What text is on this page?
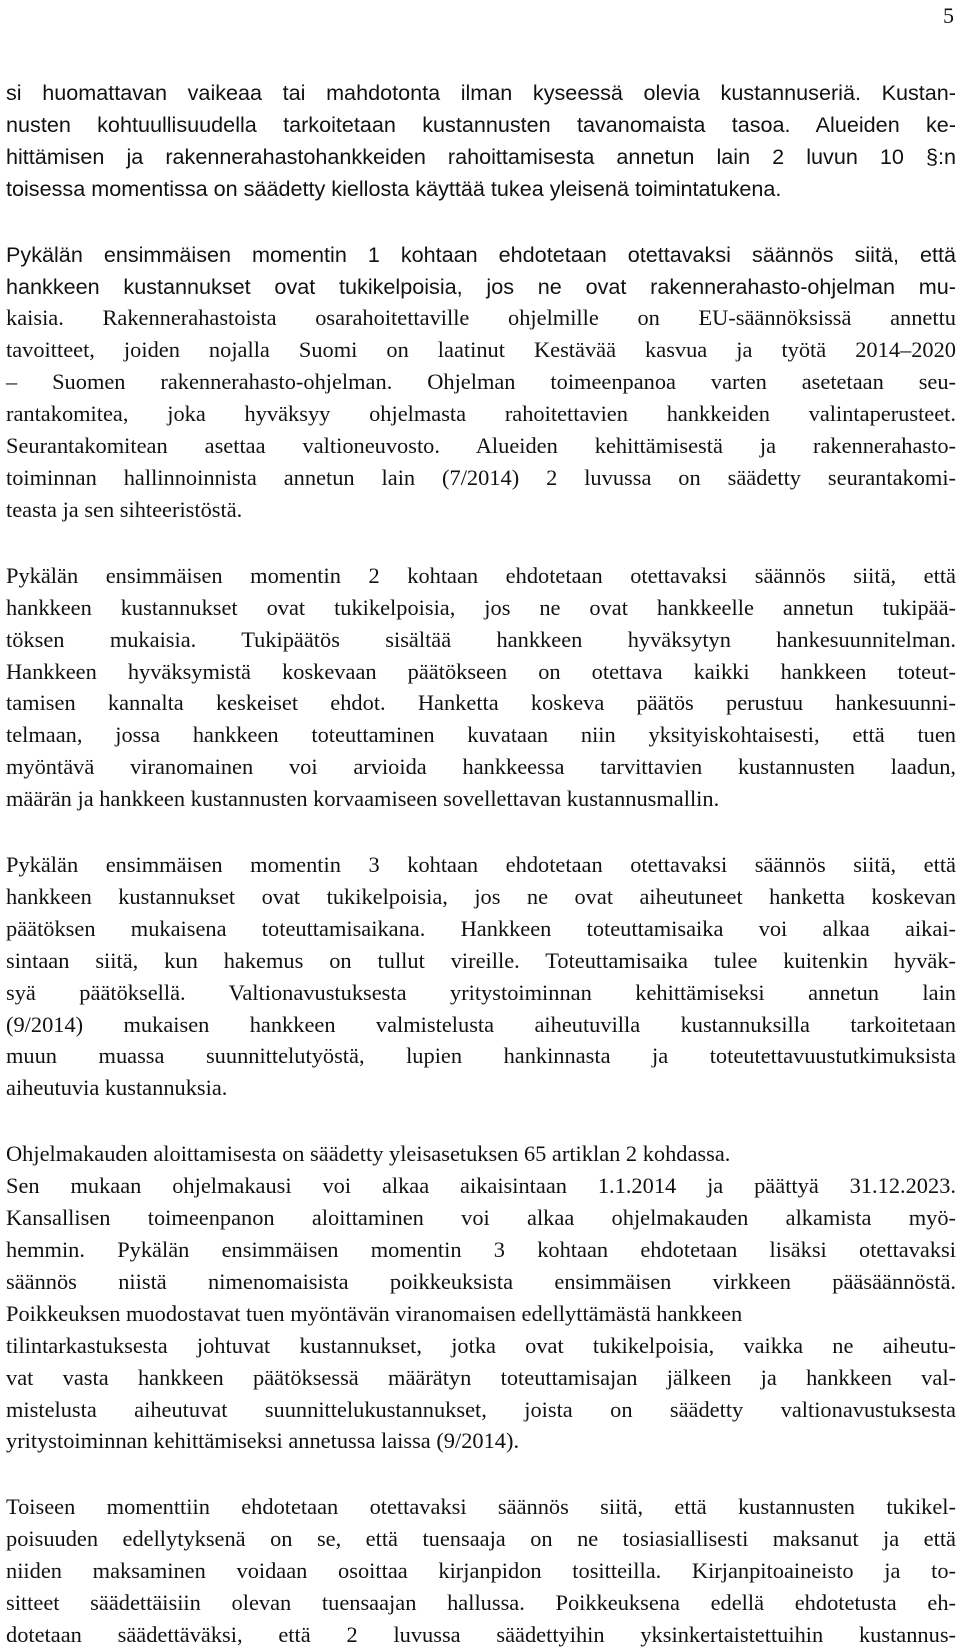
5

si huomattavan vaikeaa tai mahdotonta ilman kyseessä olevia kustannuseriä. Kustan-
nusten kohtuullisuudella tarkoitetaan kustannusten tavanomaista tasoa. Alueiden ke-
hittämisen ja rakennerahastohankkeiden rahoittamisesta annetun lain 2 luvun 10 §:n
toisessa momentissa on säädetty kiellosta käyttää tukea yleisenä toimintatukena.

Pykälän ensimmäisen momentin 1 kohtaan ehdotetaan otettavaksi säännös siitä, että
hankkeen kustannukset ovat tukikelpoisia, jos ne ovat rakennerahasto-ohjelman mu-

kaisia. Rakennerahastoista osarahoitettaville ohjelmille on EU-säännöksissä annettu
tavoitteet, joiden nojalla Suomi on laatinut Kestävää kasvua ja työtä 2014–2020
– Suomen rakennerahasto-ohjelman. Ohjelman toimeenpanoa varten asetetaan seu-
rantakomitea, joka hyväksyy ohjelmasta rahoitettavien hankkeiden valintaperusteet.
Seurantakomitean asettaa valtioneuvosto. Alueiden kehittämisestä ja rakennerahasto-
toiminnan hallinnoinnista annetun lain (7/2014) 2 luvussa on säädetty seurantakomi-
teasta ja sen sihteeristöstä.

Pykälän ensimmäisen momentin 2 kohtaan ehdotetaan otettavaksi säännös siitä, että
hankkeen kustannukset ovat tukikelpoisia, jos ne ovat hankkeelle annetun tukipää-
töksen mukaisia. Tukipäätös sisältää hankkeen hyväksytyn hankesuunnitelman.
Hankkeen hyväksymistä koskevaan päätökseen on otettava kaikki hankkeen toteut-
tamisen kannalta keskeiset ehdot. Hanketta koskeva päätös perustuu hankesuunni-
telmaan, jossa hankkeen toteuttaminen kuvataan niin yksityiskohtaisesti, että tuen
myöntävä viranomainen voi arvioida hankkeessa tarvittavien kustannusten laadun,
määrän ja hankkeen kustannusten korvaamiseen sovellettavan kustannusmallin.

Pykälän ensimmäisen momentin 3 kohtaan ehdotetaan otettavaksi säännös siitä, että
hankkeen kustannukset ovat tukikelpoisia, jos ne ovat aiheutuneet hanketta koskevan
päätöksen mukaisena toteuttamisaikana. Hankkeen toteuttamisaika voi alkaa aikai-
sintaan siitä, kun hakemus on tullut vireille. Toteuttamisaika tulee kuitenkin hyväk-
syä päätöksellä. Valtionavustuksesta yritystoiminnan kehittämiseksi annetun lain
(9/2014) mukaisen hankkeen valmistelusta aiheutuvilla kustannuksilla tarkoitetaan
muun muassa suunnittelutyöstä, lupien hankinnasta ja toteutettavuustutkimuksista
aiheutuvia kustannuksia.

Ohjelmakauden aloittamisesta on säädetty yleisasetuksen 65 artiklan 2 kohdassa.
Sen mukaan ohjelmakausi voi alkaa aikaisintaan 1.1.2014 ja päättyä 31.12.2023.
Kansallisen toimeenpanon aloittaminen voi alkaa ohjelmakauden alkamista myö-
hemmin. Pykälän ensimmäisen momentin 3 kohtaan ehdotetaan lisäksi otettavaksi
säännös niistä nimenomaisista poikkeuksista ensimmäisen virkkeen pääsäännöstä.
Poikkeuksen muodostavat tuen myöntävän viranomaisen edellyttämästä hankkeen
tilintarkastuksesta johtuvat kustannukset, jotka ovat tukikelpoisia, vaikka ne aiheutu-
vat vasta hankkeen päätöksessä määrätyn toteuttamisajan jälkeen ja hankkeen val-
mistelusta aiheutuvat suunnittelukustannukset, joista on säädetty valtionavustuksesta
yritystoiminnan kehittämiseksi annetussa laissa (9/2014).

Toiseen momenttiin ehdotetaan otettavaksi säännös siitä, että kustannusten tukikel-
poisuuden edellytyksenä on se, että tuensaaja on ne tosiasiallisesti maksanut ja että
niiden maksaminen voidaan osoittaa kirjanpidon tositteilla. Kirjanpitoaineisto ja to-
sitteet säädettäisiin olevan tuensaajan hallussa. Poikkeuksena edellä ehdotetusta eh-
dotetaan säädettäväksi, että 2 luvussa säädettyihin yksinkertaistettuihin kustannus-
